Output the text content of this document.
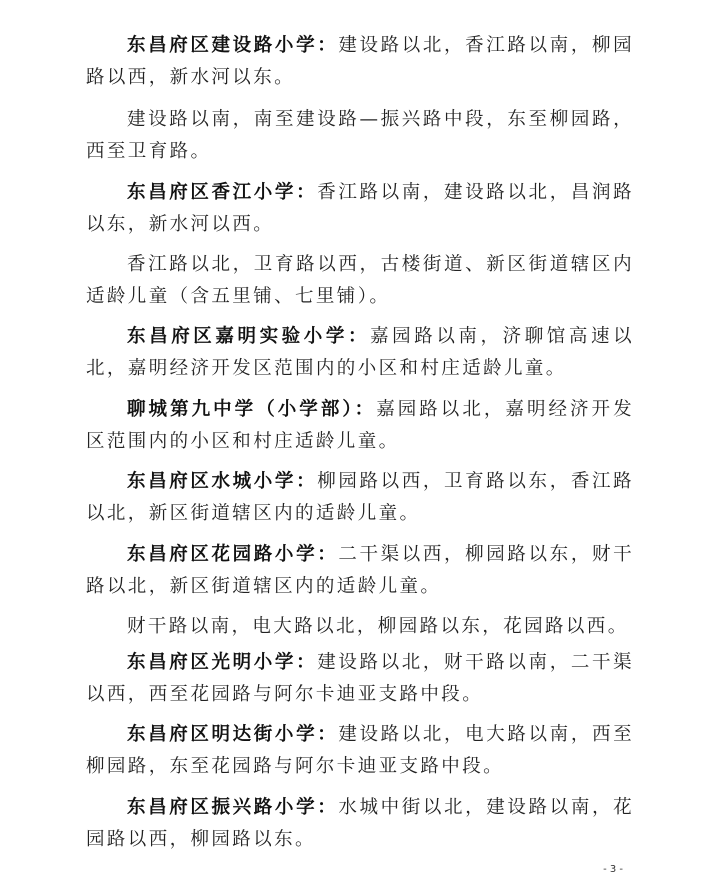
东昌府区建设路小学：建设路以北，香江路以南，柳园路以西，新水河以东。

建设路以南，南至建设路—振兴路中段，东至柳园路，西至卫育路。

东昌府区香江小学：香江路以南，建设路以北，昌润路以东，新水河以西。

香江路以北，卫育路以西，古楼街道、新区街道辖区内适龄儿童（含五里铺、七里铺）。

东昌府区嘉明实验小学：嘉园路以南，济聊馆高速以北，嘉明经济开发区范围内的小区和村庄适龄儿童。

聊城第九中学（小学部）：嘉园路以北，嘉明经济开发区范围内的小区和村庄适龄儿童。

东昌府区水城小学：柳园路以西，卫育路以东，香江路以北，新区街道辖区内的适龄儿童。

东昌府区花园路小学：二干渠以西，柳园路以东，财干路以北，新区街道辖区内的适龄儿童。

财干路以南，电大路以北，柳园路以东，花园路以西。

东昌府区光明小学：建设路以北，财干路以南，二干渠以西，西至花园路与阿尔卡迪亚支路中段。

东昌府区明达街小学：建设路以北，电大路以南，西至柳园路，东至花园路与阿尔卡迪亚支路中段。

东昌府区振兴路小学：水城中街以北，建设路以南，花园路以西，柳园路以东。

- 3 -
